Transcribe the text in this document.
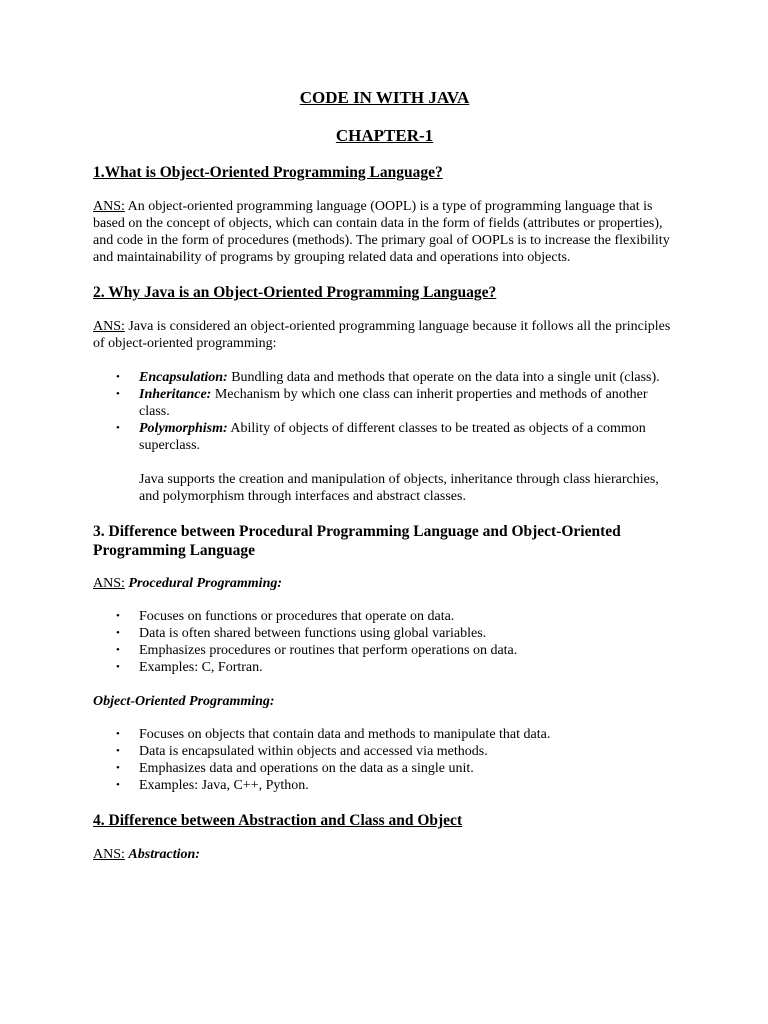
CODE IN WITH JAVA
CHAPTER-1
1.What is Object-Oriented Programming Language?

ANS: An object-oriented programming language (OOPL) is a type of programming language that is based on the concept of objects, which can contain data in the form of fields (attributes or properties), and code in the form of procedures (methods). The primary goal of OOPLs is to increase the flexibility and maintainability of programs by grouping related data and operations into objects.

2. Why Java is an Object-Oriented Programming Language?

ANS: Java is considered an object-oriented programming language because it follows all the principles of object-oriented programming:

• Encapsulation: Bundling data and methods that operate on the data into a single unit (class).
• Inheritance: Mechanism by which one class can inherit properties and methods of another class.
• Polymorphism: Ability of objects of different classes to be treated as objects of a common superclass.

Java supports the creation and manipulation of objects, inheritance through class hierarchies, and polymorphism through interfaces and abstract classes.

3. Difference between Procedural Programming Language and Object-Oriented Programming Language

ANS: Procedural Programming:

• Focuses on functions or procedures that operate on data.
• Data is often shared between functions using global variables.
• Emphasizes procedures or routines that perform operations on data.
• Examples: C, Fortran.

Object-Oriented Programming:

• Focuses on objects that contain data and methods to manipulate that data.
• Data is encapsulated within objects and accessed via methods.
• Emphasizes data and operations on the data as a single unit.
• Examples: Java, C++, Python.
4. Difference between Abstraction and Class and Object

ANS: Abstraction:
